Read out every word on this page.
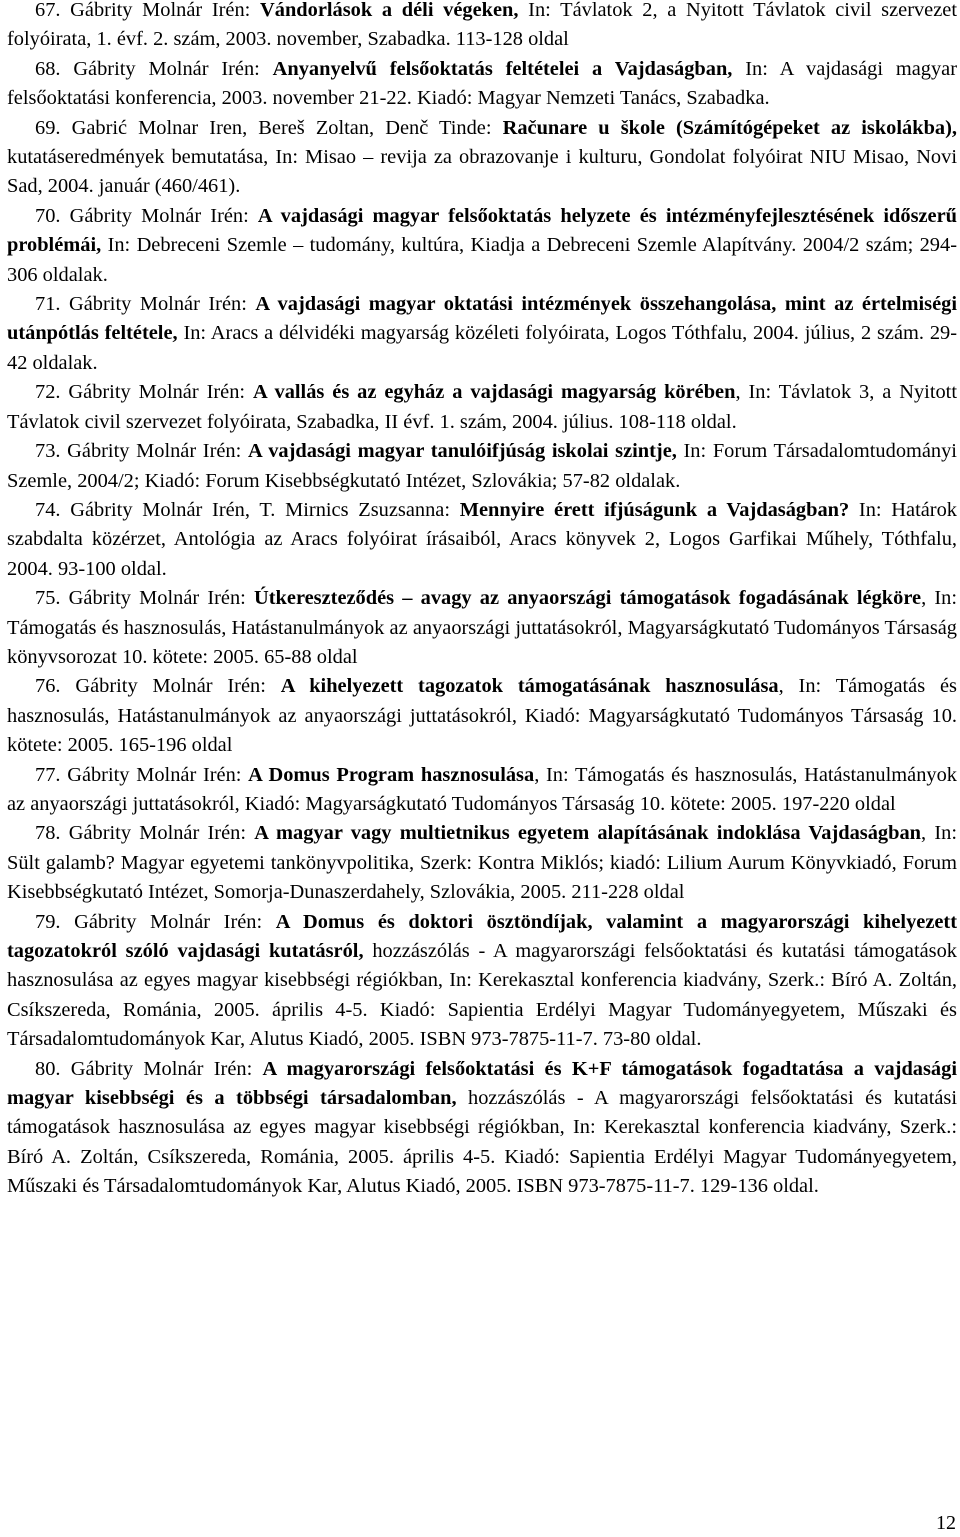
67. Gábrity Molnár Irén: Vándorlások a déli végeken, In: Távlatok 2, a Nyitott Távlatok civil szervezet folyóirata, 1. évf. 2. szám, 2003. november, Szabadka. 113-128 oldal

68. Gábrity Molnár Irén: Anyanyelvű felsőoktatás feltételei a Vajdaságban, In: A vajdasági magyar felsőoktatási konferencia, 2003. november 21-22. Kiadó: Magyar Nemzeti Tanács, Szabadka.

69. Gabrić Molnar Iren, Bereš Zoltan, Denč Tinde: Računare u škole (Számítógépeket az iskolákba), kutatáseredmények bemutatása, In: Misao – revija za obrazovanje i kulturu, Gondolat folyóirat NIU Misao, Novi Sad, 2004. január (460/461).

70. Gábrity Molnár Irén: A vajdasági magyar felsőoktatás helyzete és intézményfejlesztésének időszerű problémái, In: Debreceni Szemle – tudomány, kultúra, Kiadja a Debreceni Szemle Alapítvány. 2004/2 szám; 294-306 oldalak.

71. Gábrity Molnár Irén: A vajdasági magyar oktatási intézmények összehangolása, mint az értelmiségi utánpótlás feltétele, In: Aracs a délvidéki magyarság közéleti folyóirata, Logos Tóthfalu, 2004. július, 2 szám. 29-42 oldalak.

72. Gábrity Molnár Irén: A vallás és az egyház a vajdasági magyarság körében, In: Távlatok 3, a Nyitott Távlatok civil szervezet folyóirata, Szabadka, II évf. 1. szám, 2004. július. 108-118 oldal.

73. Gábrity Molnár Irén: A vajdasági magyar tanulóifjúság iskolai szintje, In: Forum Társadalomtudományi Szemle, 2004/2; Kiadó: Forum Kisebbségkutató Intézet, Szlovákia; 57-82 oldalak.

74. Gábrity Molnár Irén, T. Mirnics Zsuzsanna: Mennyire érett ifjúságunk a Vajdaságban? In: Határok szabdalta közérzet, Antológia az Aracs folyóirat írásaiból, Aracs könyvek 2, Logos Garfikai Műhely, Tóthfalu, 2004. 93-100 oldal.

75. Gábrity Molnár Irén: Útkereszteződés – avagy az anyaországi támogatások fogadásának légköre, In: Támogatás és hasznosulás, Hatástanulmányok az anyaországi juttatásokról, Magyarságkutató Tudományos Társaság könyvsorozat 10. kötete: 2005. 65-88 oldal

76. Gábrity Molnár Irén: A kihelyezett tagozatok támogatásának hasznosulása, In: Támogatás és hasznosulás, Hatástanulmányok az anyaországi juttatásokról, Kiadó: Magyarságkutató Tudományos Társaság 10. kötete: 2005. 165-196 oldal

77. Gábrity Molnár Irén: A Domus Program hasznosulása, In: Támogatás és hasznosulás, Hatástanulmányok az anyaországi juttatásokról, Kiadó: Magyarságkutató Tudományos Társaság 10. kötete: 2005. 197-220 oldal

78. Gábrity Molnár Irén: A magyar vagy multietnikus egyetem alapításának indoklása Vajdaságban, In: Sült galamb? Magyar egyetemi tankönyvpolitika, Szerk: Kontra Miklós; kiadó: Lilium Aurum Könyvkiadó, Forum Kisebbségkutató Intézet, Somorja-Dunaszerdahely, Szlovákia, 2005. 211-228 oldal

79. Gábrity Molnár Irén: A Domus és doktori ösztöndíjak, valamint a magyarországi kihelyezett tagozatokról szóló vajdasági kutatásról, hozzászólás - A magyarországi felsőoktatási és kutatási támogatások hasznosulása az egyes magyar kisebbségi régiókban, In: Kerekasztal konferencia kiadvány, Szerk.: Bíró A. Zoltán, Csíkszereda, Románia, 2005. április 4-5. Kiadó: Sapientia Erdélyi Magyar Tudományegyetem, Műszaki és Társadalomtudományok Kar, Alutus Kiadó, 2005. ISBN 973-7875-11-7. 73-80 oldal.

80. Gábrity Molnár Irén: A magyarországi felsőoktatási és K+F támogatások fogadtatása a vajdasági magyar kisebbségi és a többségi társadalomban, hozzászólás - A magyarországi felsőoktatási és kutatási támogatások hasznosulása az egyes magyar kisebbségi régiókban, In: Kerekasztal konferencia kiadvány, Szerk.: Bíró A. Zoltán, Csíkszereda, Románia, 2005. április 4-5. Kiadó: Sapientia Erdélyi Magyar Tudományegyetem, Műszaki és Társadalomtudományok Kar, Alutus Kiadó, 2005. ISBN 973-7875-11-7. 129-136 oldal.

12
